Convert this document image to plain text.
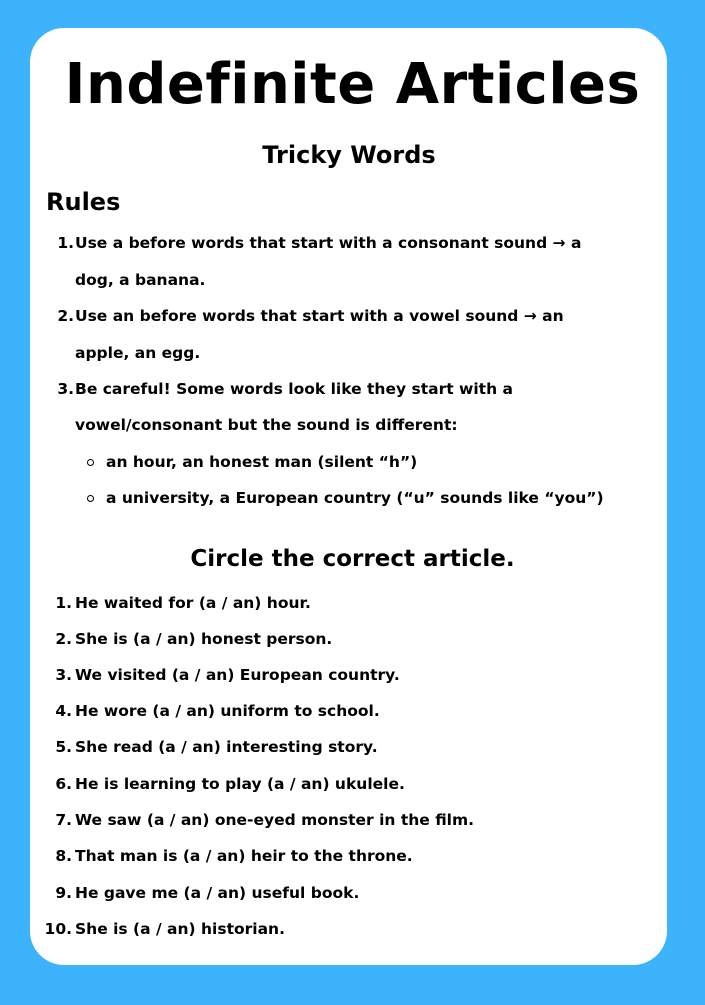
Indefinite Articles
Tricky Words
Rules
1. Use a before words that start with a consonant sound → a
dog, a banana.
2. Use an before words that start with a vowel sound → an
apple, an egg.
3. Be careful! Some words look like they start with a
vowel/consonant but the sound is different:
an hour, an honest man (silent “h”)
a university, a European country (“u” sounds like “you”)
Circle the correct article.
1. He waited for (a / an) hour.
2. She is (a / an) honest person.
3. We visited (a / an) European country.
4. He wore (a / an) uniform to school.
5. She read (a / an) interesting story.
6. He is learning to play (a / an) ukulele.
7. We saw (a / an) one-eyed monster in the film.
8. That man is (a / an) heir to the throne.
9. He gave me (a / an) useful book.
10. She is (a / an) historian.
